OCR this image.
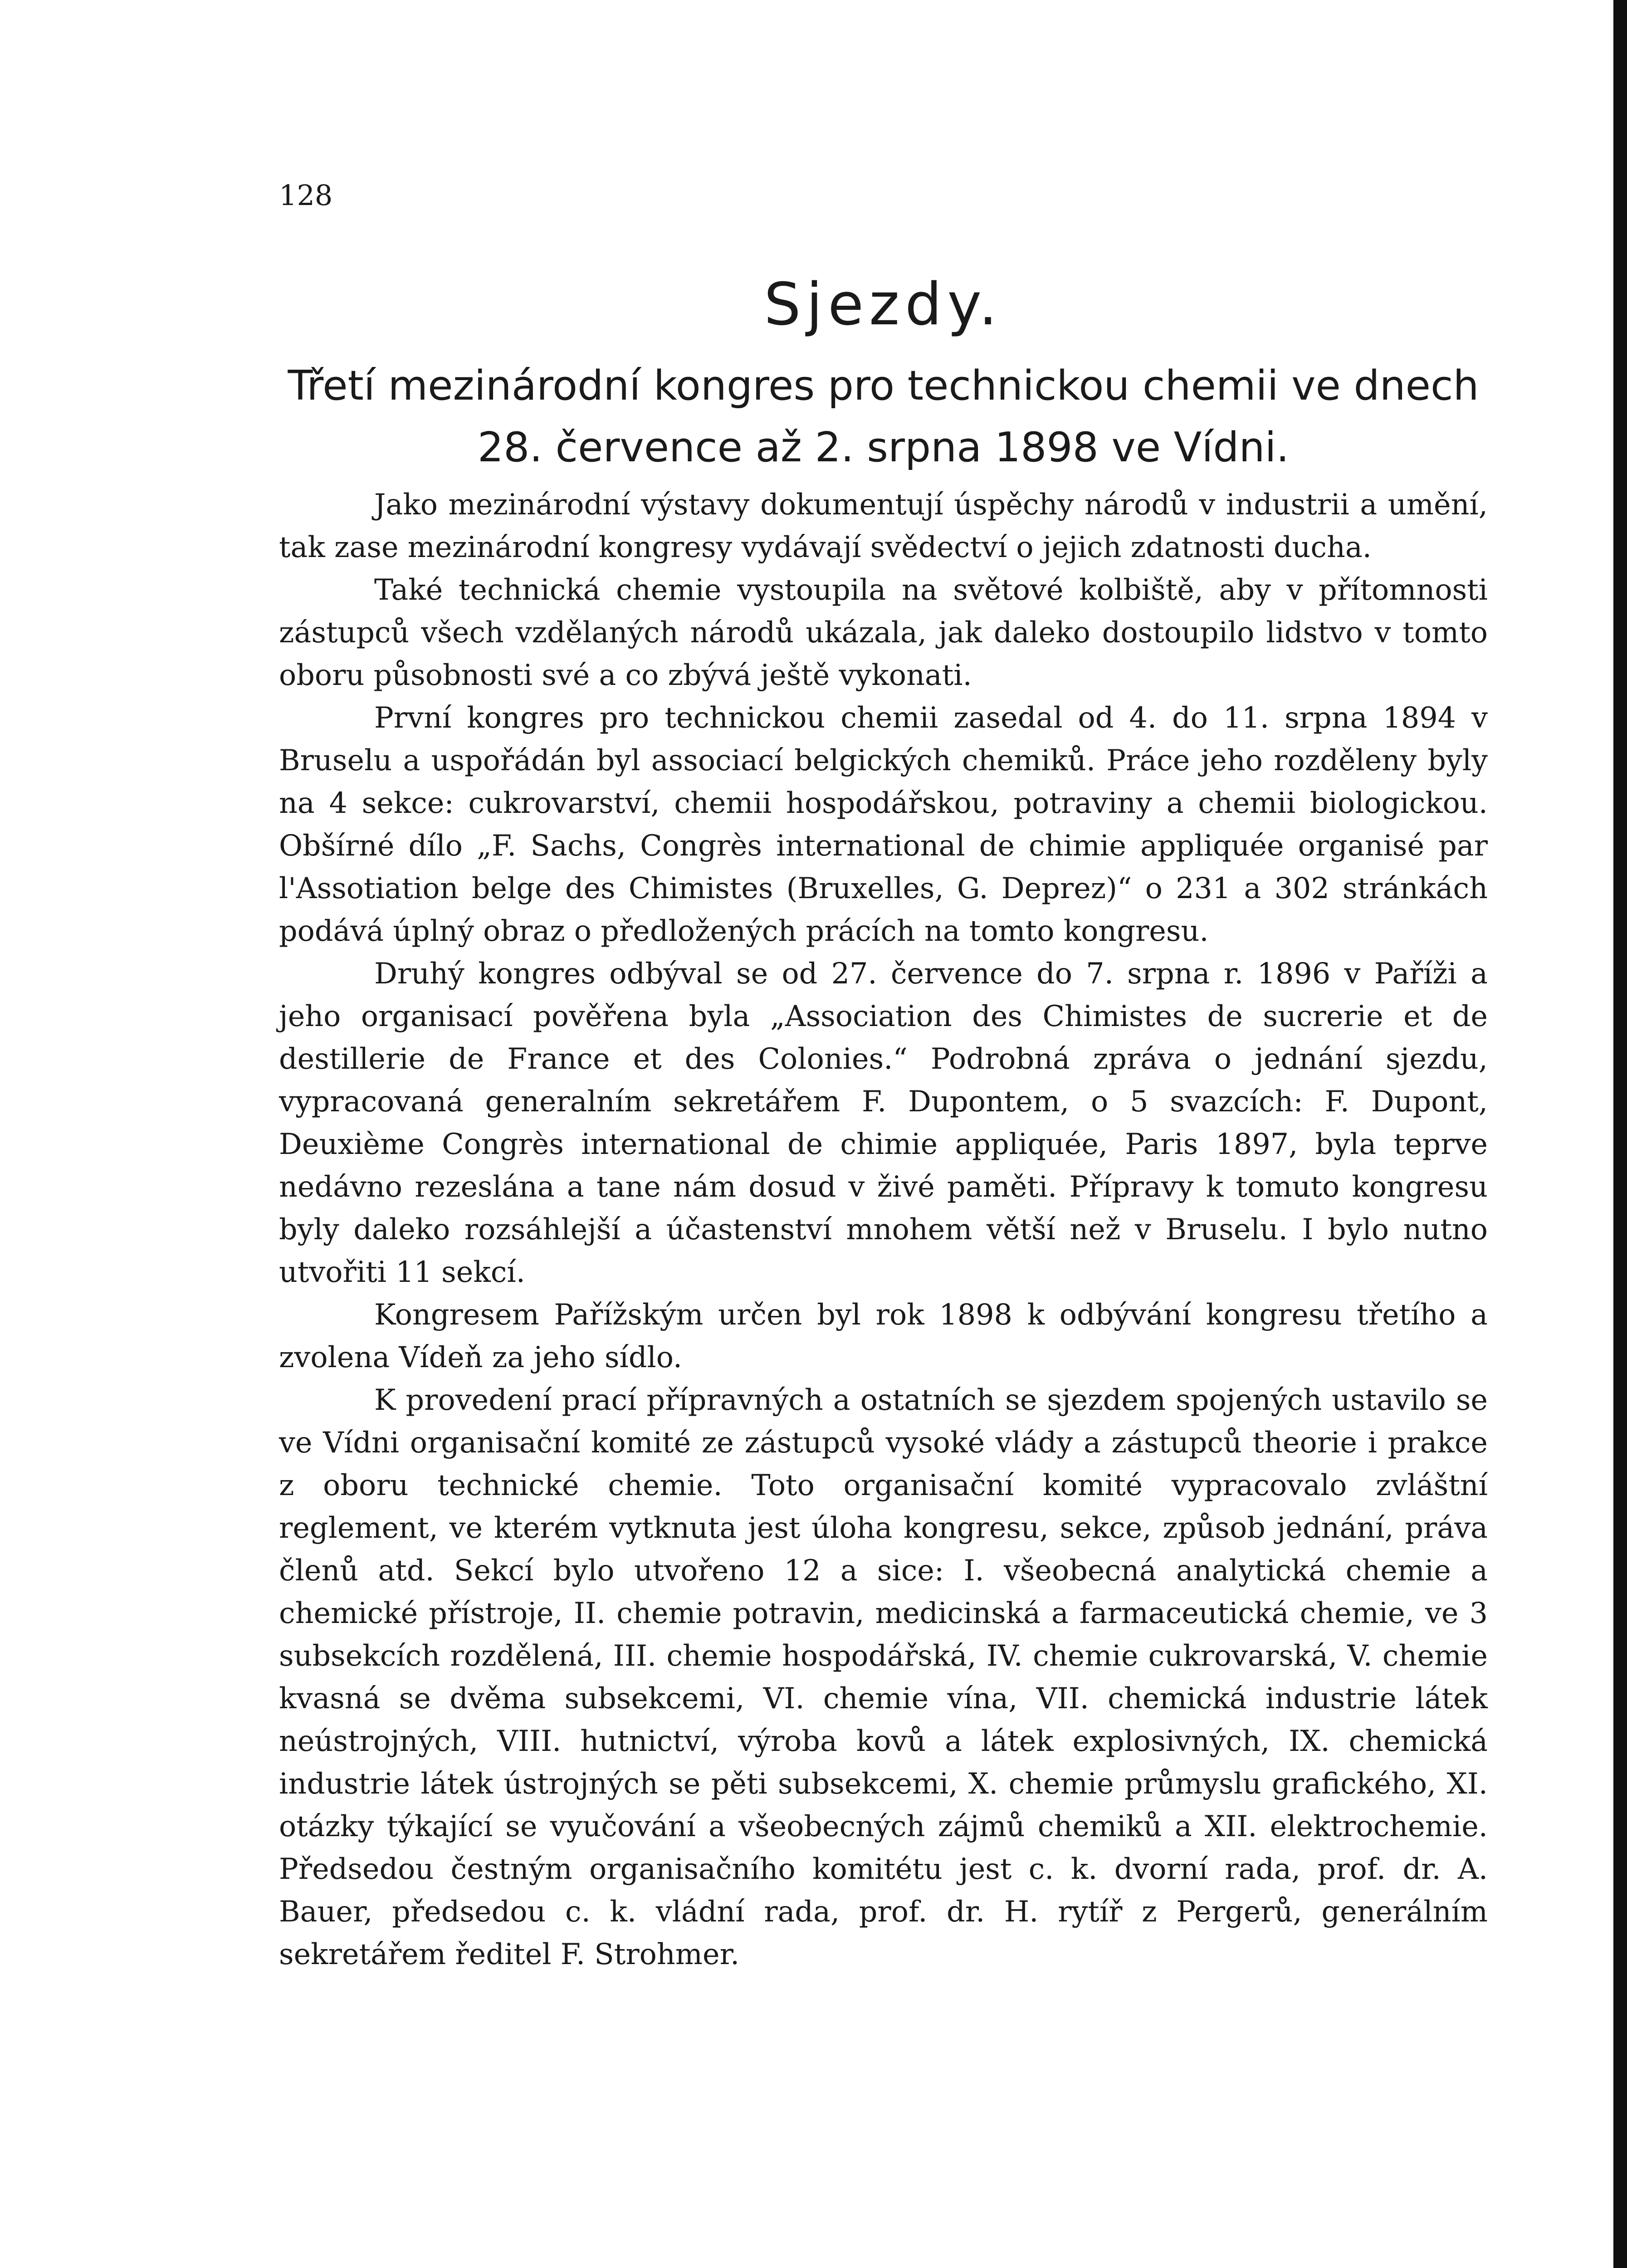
128
Sjezdy.
Třetí mezinárodní kongres pro technickou chemii ve dnech
28. července až 2. srpna 1898 ve Vídni.

Jako mezinárodní výstavy dokumentují úspěchy národů v industrii a umění, tak zase mezinárodní kongresy vydávají svědectví o jejich zdatnosti ducha.

Také technická chemie vystoupila na světové kolbiště, aby v přítomnosti zástupců všech vzdělaných národů ukázala, jak daleko dostoupilo lidstvo v tomto oboru působnosti své a co zbývá ještě vykonati.

První kongres pro technickou chemii zasedal od 4. do 11. srpna 1894 v Bruselu a uspořádán byl associací belgických chemiků. Práce jeho rozděleny byly na 4 sekce: cukrovarství, chemii hospodářskou, potraviny a chemii biologickou. Obšírné dílo „F. Sachs, Congrès international de chimie appliquée organisé par l'Assotiation belge des Chimistes (Bruxelles, G. Deprez)“ o 231 a 302 stránkách podává úplný obraz o předložených prácích na tomto kongresu.

Druhý kongres odbýval se od 27. července do 7. srpna r. 1896 v Paříži a jeho organisací pověřena byla „Association des Chimistes de sucrerie et de destillerie de France et des Colonies.“ Podrobná zpráva o jednání sjezdu, vypracovaná generalním sekretářem F. Dupontem, o 5 svazcích: F. Dupont, Deuxième Congrès international de chimie appliquée, Paris 1897, byla teprve nedávno rezeslána a tane nám dosud v živé paměti. Přípravy k tomuto kongresu byly daleko rozsáhlejší a účastenství mnohem větší než v Bruselu. I bylo nutno utvořiti 11 sekcí.

Kongresem Pařížským určen byl rok 1898 k odbývání kongresu třetího a zvolena Vídeň za jeho sídlo.

K provedení prací přípravných a ostatních se sjezdem spojených ustavilo se ve Vídni organisační komité ze zástupců vysoké vlády a zástupců theorie i prakce z oboru technické chemie. Toto organisační komité vypracovalo zvláštní reglement, ve kterém vytknuta jest úloha kongresu, sekce, způsob jednání, práva členů atd. Sekcí bylo utvořeno 12 a sice: I. všeobecná analytická chemie a chemické přístroje, II. chemie potravin, medicinská a farmaceutická chemie, ve 3 subsekcích rozdělená, III. chemie hospodářská, IV. chemie cukrovarská, V. chemie kvasná se dvěma subsekcemi, VI. chemie vína, VII. chemická industrie látek neústrojných, VIII. hutnictví, výroba kovů a látek explosivných, IX. chemická industrie látek ústrojných se pěti subsekcemi, X. chemie průmyslu grafického, XI. otázky týkající se vyučování a všeobecných zájmů chemiků a XII. elektrochemie. Předsedou čestným organisačního komitétu jest c. k. dvorní rada, prof. dr. A. Bauer, předsedou c. k. vládní rada, prof. dr. H. rytíř z Pergerů, generálním sekretářem ředitel F. Strohmer.
